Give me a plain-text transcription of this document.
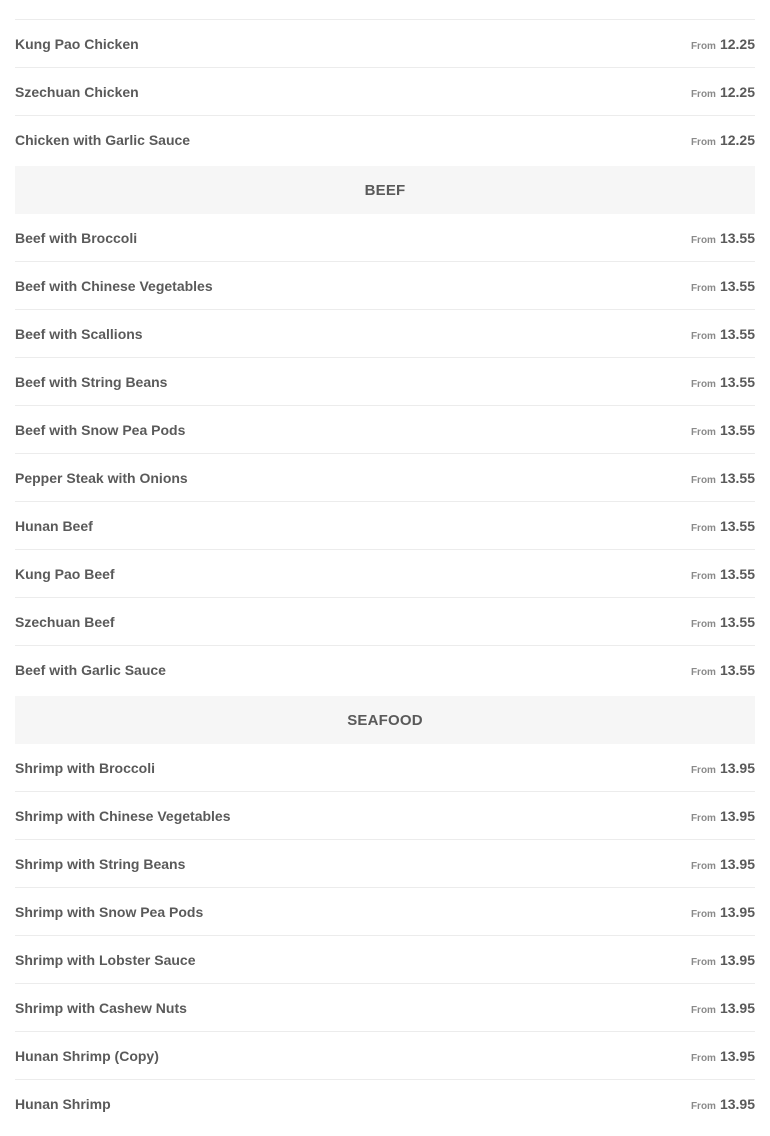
Kung Pao Chicken	From 12.25
Szechuan Chicken	From 12.25
Chicken with Garlic Sauce	From 12.25
BEEF
Beef with Broccoli	From 13.55
Beef with Chinese Vegetables	From 13.55
Beef with Scallions	From 13.55
Beef with String Beans	From 13.55
Beef with Snow Pea Pods	From 13.55
Pepper Steak with Onions	From 13.55
Hunan Beef	From 13.55
Kung Pao Beef	From 13.55
Szechuan Beef	From 13.55
Beef with Garlic Sauce	From 13.55
SEAFOOD
Shrimp with Broccoli	From 13.95
Shrimp with Chinese Vegetables	From 13.95
Shrimp with String Beans	From 13.95
Shrimp with Snow Pea Pods	From 13.95
Shrimp with Lobster Sauce	From 13.95
Shrimp with Cashew Nuts	From 13.95
Hunan Shrimp (Copy)	From 13.95
Hunan Shrimp	From 13.95
